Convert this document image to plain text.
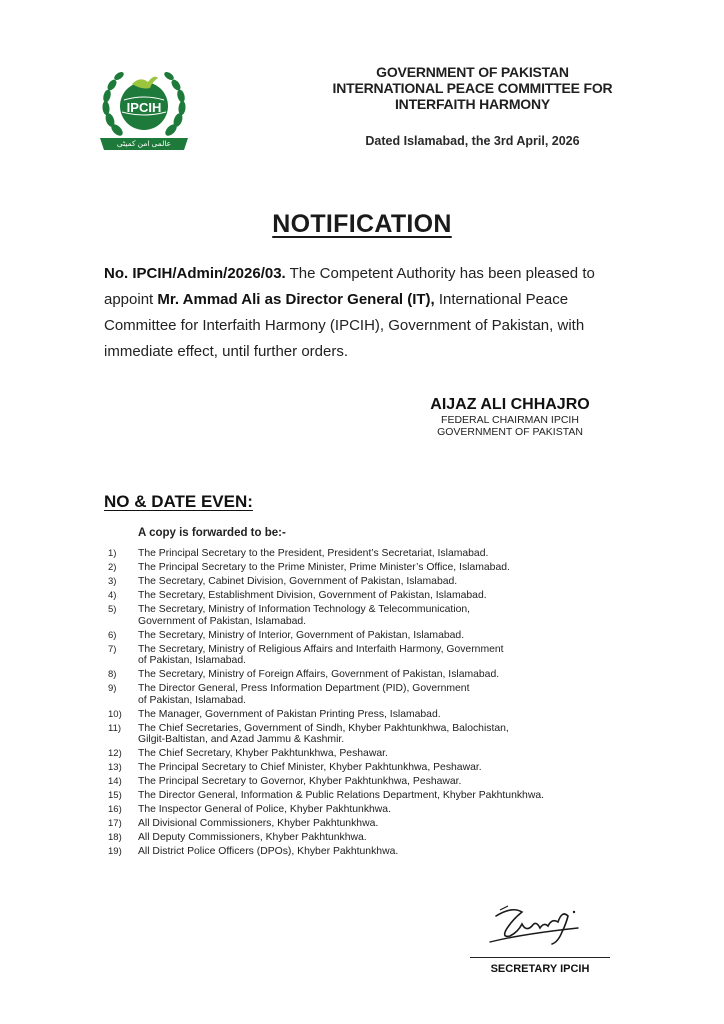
IPCIH
عالمی امن کمیٹی
GOVERNMENT OF PAKISTAN
INTERNATIONAL PEACE COMMITTEE FOR
INTERFAITH HARMONY
Dated Islamabad, the 3rd April, 2026
NOTIFICATION
No. IPCIH/Admin/2026/03. The Competent Authority has been pleased to appoint Mr. Ammad Ali as Director General (IT), International Peace Committee for Interfaith Harmony (IPCIH), Government of Pakistan, with immediate effect, until further orders.
AIJAZ ALI CHHAJRO
FEDERAL CHAIRMAN IPCIH
GOVERNMENT OF PAKISTAN
NO & DATE EVEN:
A copy is forwarded to be:-
1)	The Principal Secretary to the President, President’s Secretariat, Islamabad.
2)	The Principal Secretary to the Prime Minister, Prime Minister’s Office, Islamabad.
3)	The Secretary, Cabinet Division, Government of Pakistan, Islamabad.
4)	The Secretary, Establishment Division, Government of Pakistan, Islamabad.
5)	The Secretary, Ministry of Information Technology & Telecommunication,
Government of Pakistan, Islamabad.
6)	The Secretary, Ministry of Interior, Government of Pakistan, Islamabad.
7)	The Secretary, Ministry of Religious Affairs and Interfaith Harmony, Government
of Pakistan, Islamabad.
8)	The Secretary, Ministry of Foreign Affairs, Government of Pakistan, Islamabad.
9)	The Director General, Press Information Department (PID), Government
of Pakistan, Islamabad.
10)	The Manager, Government of Pakistan Printing Press, Islamabad.
11)	The Chief Secretaries, Government of Sindh, Khyber Pakhtunkhwa, Balochistan,
Gilgit-Baltistan, and Azad Jammu & Kashmir.
12)	The Chief Secretary, Khyber Pakhtunkhwa, Peshawar.
13)	The Principal Secretary to Chief Minister, Khyber Pakhtunkhwa, Peshawar.
14)	The Principal Secretary to Governor, Khyber Pakhtunkhwa, Peshawar.
15)	The Director General, Information & Public Relations Department, Khyber Pakhtunkhwa.
16)	The Inspector General of Police, Khyber Pakhtunkhwa.
17)	All Divisional Commissioners, Khyber Pakhtunkhwa.
18)	All Deputy Commissioners, Khyber Pakhtunkhwa.
19)	All District Police Officers (DPOs), Khyber Pakhtunkhwa.
SECRETARY IPCIH
